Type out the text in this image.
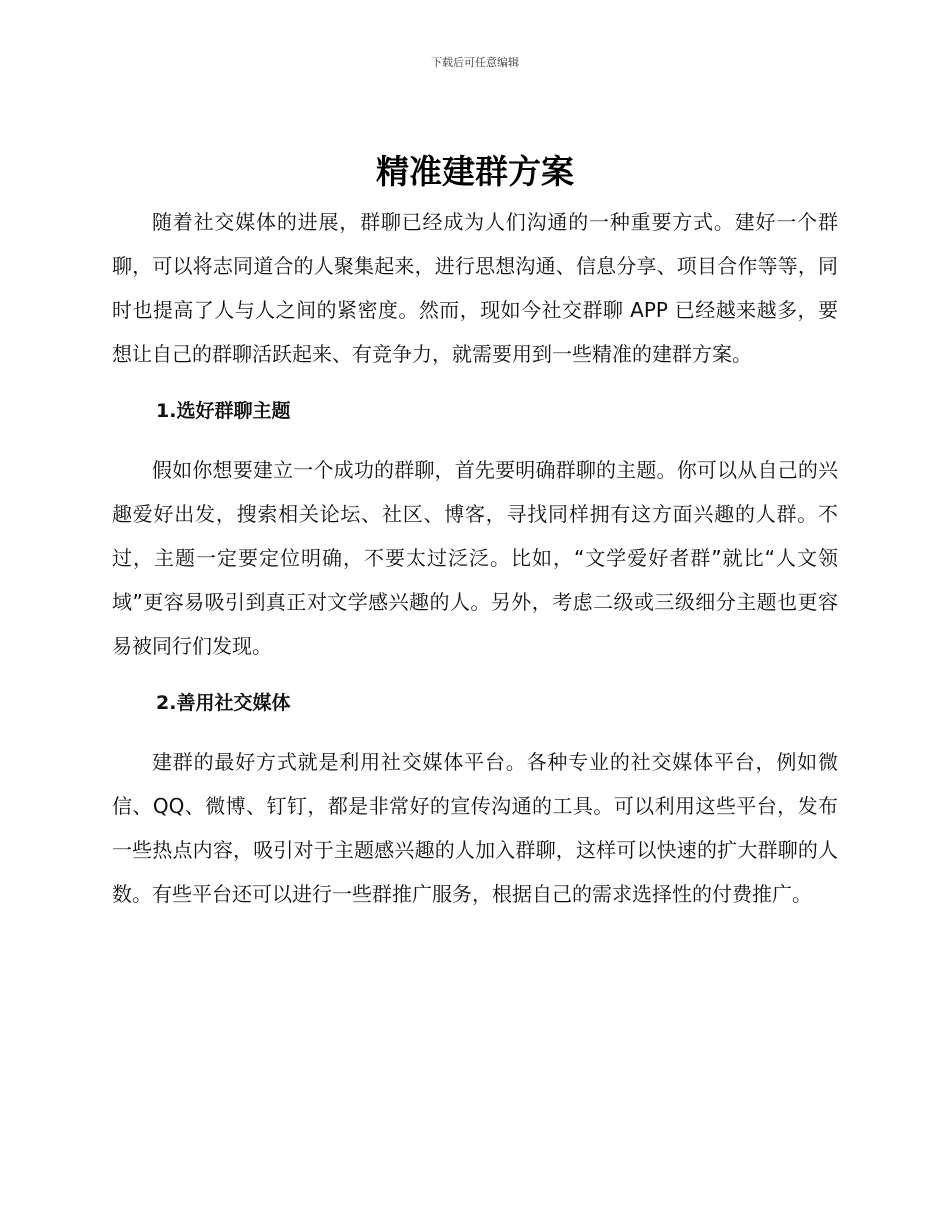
下载后可任意编辑
精准建群方案

随着社交媒体的进展，群聊已经成为人们沟通的一种重要方式。建好一个群聊，可以将志同道合的人聚集起来，进行思想沟通、信息分享、项目合作等等，同时也提高了人与人之间的紧密度。然而，现如今社交群聊 APP 已经越来越多，要想让自己的群聊活跃起来、有竞争力，就需要用到一些精准的建群方案。

1.选好群聊主题

假如你想要建立一个成功的群聊，首先要明确群聊的主题。你可以从自己的兴趣爱好出发，搜索相关论坛、社区、博客，寻找同样拥有这方面兴趣的人群。不过，主题一定要定位明确，不要太过泛泛。比如，“文学爱好者群”就比“人文领域”更容易吸引到真正对文学感兴趣的人。另外，考虑二级或三级细分主题也更容易被同行们发现。

2.善用社交媒体

建群的最好方式就是利用社交媒体平台。各种专业的社交媒体平台，例如微信、QQ、微博、钉钉，都是非常好的宣传沟通的工具。可以利用这些平台，发布一些热点内容，吸引对于主题感兴趣的人加入群聊，这样可以快速的扩大群聊的人数。有些平台还可以进行一些群推广服务，根据自己的需求选择性的付费推广。
